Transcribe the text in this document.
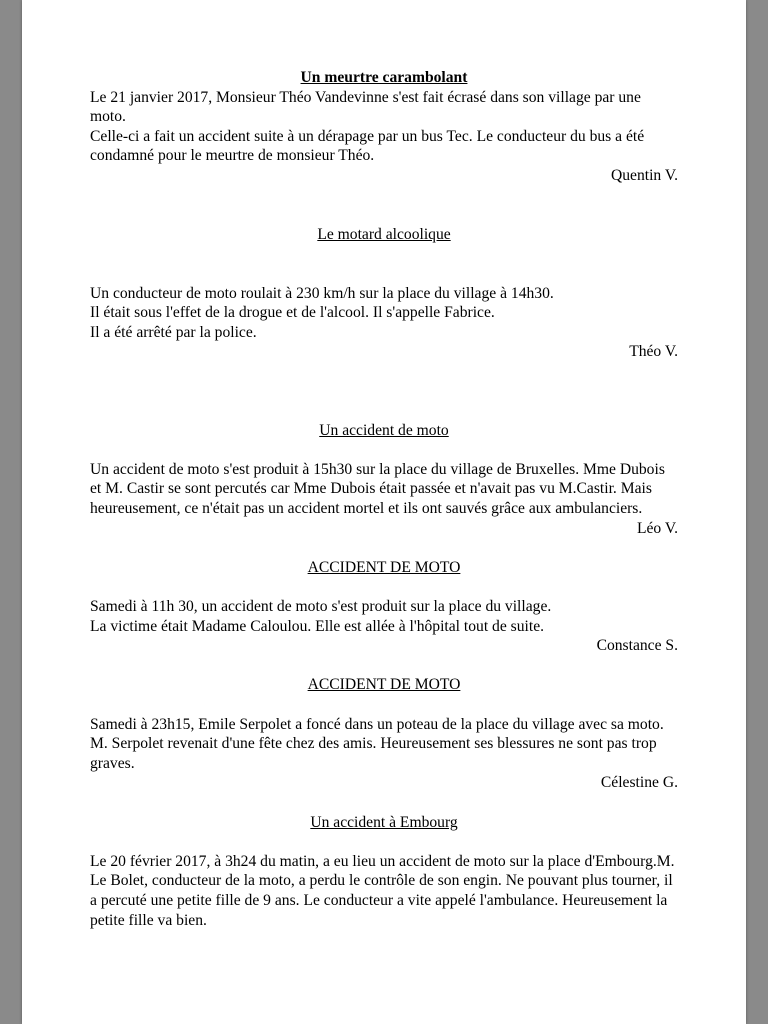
Un meurtre carambolant

Le 21 janvier 2017, Monsieur Théo Vandevinne s'est fait écrasé dans son village par une moto.

Celle-ci a fait un accident suite à un dérapage par un bus Tec. Le conducteur du bus a été condamné pour le meurtre de monsieur Théo.

Quentin V.

Le motard alcoolique

Un conducteur de moto roulait à 230 km/h sur la place du village à 14h30.

Il était sous l'effet de la drogue et de l'alcool. Il s'appelle Fabrice.

Il a été arrêté par la police.

Théo V.

Un accident de moto

Un accident de moto s'est produit à 15h30 sur la place du village de Bruxelles. Mme Dubois et M. Castir se sont percutés car Mme Dubois était passée et n'avait pas vu M.Castir. Mais heureusement, ce n'était pas un accident mortel et ils ont sauvés grâce aux ambulanciers.

Léo V.

ACCIDENT DE MOTO

Samedi à 11h 30, un accident de moto s'est produit sur la place du village.

La victime était Madame Caloulou. Elle est allée à l'hôpital tout de suite.

Constance S.

ACCIDENT DE MOTO

Samedi à 23h15, Emile Serpolet a foncé dans un poteau de la place du village avec sa moto. M. Serpolet revenait d'une fête chez des amis. Heureusement ses blessures ne sont pas trop graves.

Célestine G.

Un accident à Embourg

Le 20 février 2017, à 3h24 du matin, a eu lieu un accident de moto sur la place d'Embourg.M. Le Bolet, conducteur de la moto, a perdu le contrôle de son engin. Ne pouvant plus tourner, il a percuté une petite fille de 9 ans. Le conducteur a vite appelé l'ambulance. Heureusement la petite fille va bien.
